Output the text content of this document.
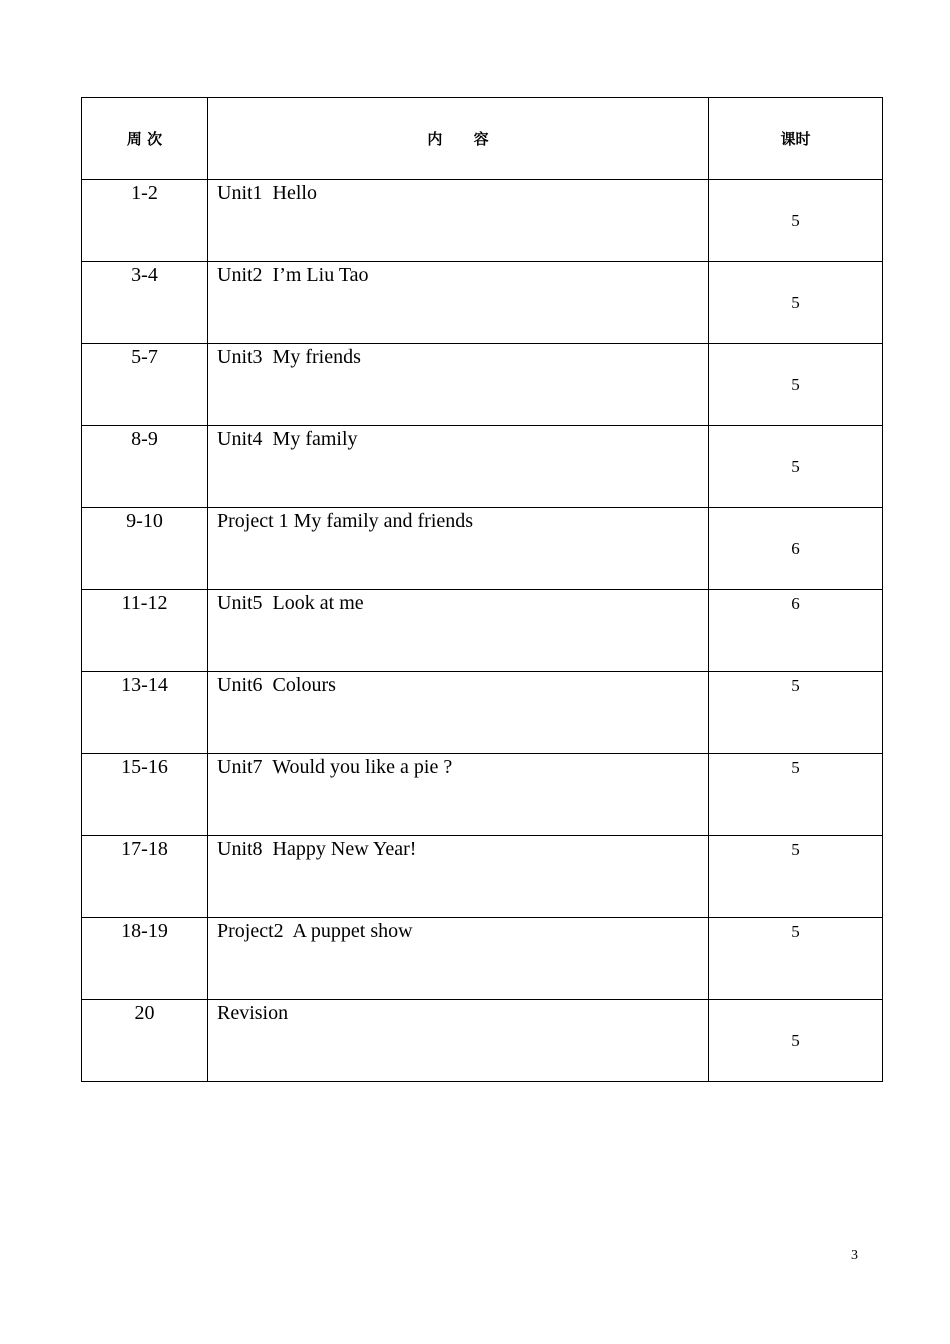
周 次	内      容	课时
1-2	Unit1  Hello	5
3-4	Unit2  I’m Liu Tao	5
5-7	Unit3  My friends	5
8-9	Unit4  My family	5
9-10	Project 1 My family and friends	6
11-12	Unit5  Look at me	6
13-14	Unit6  Colours	5
15-16	Unit7  Would you like a pie ?	5
17-18	Unit8  Happy New Year!	5
18-19	Project2  A puppet show	5
20	Revision	5
3
